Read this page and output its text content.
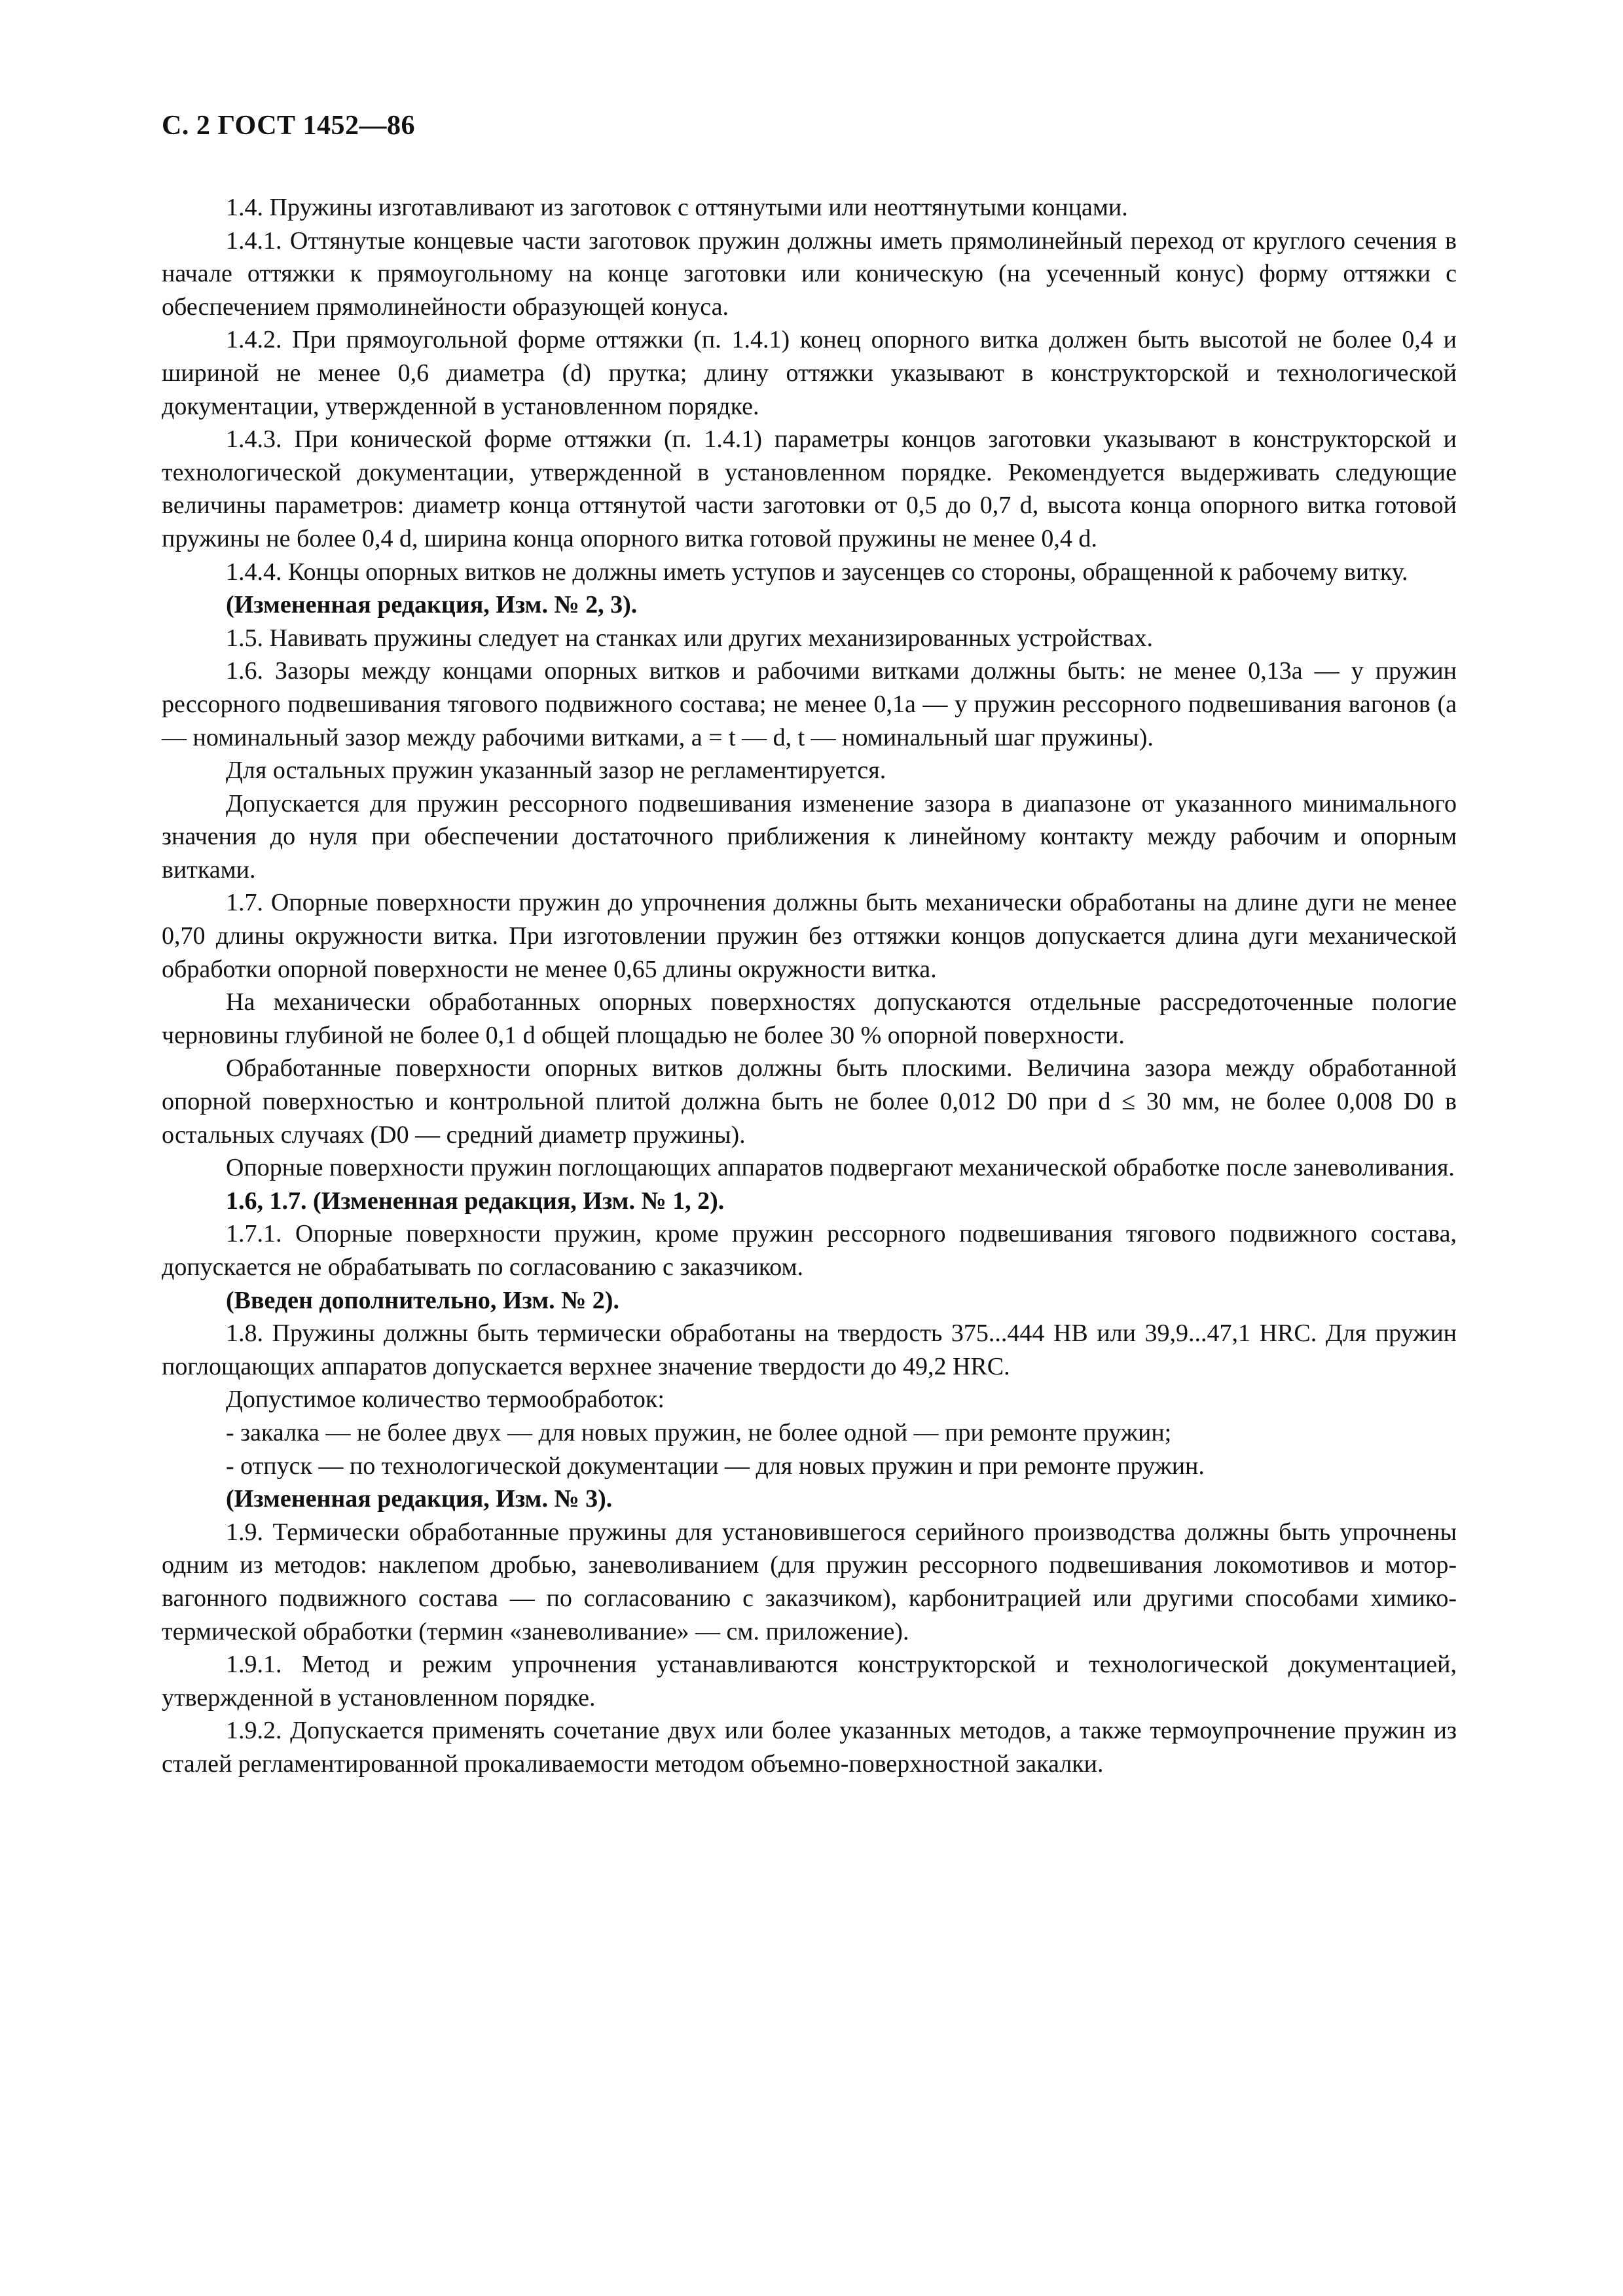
С. 2 ГОСТ 1452—86

1.4. Пружины изготавливают из заготовок с оттянутыми или неоттянутыми концами.

1.4.1. Оттянутые концевые части заготовок пружин должны иметь прямолинейный переход от круглого сечения в начале оттяжки к прямоугольному на конце заготовки или коническую (на усеченный конус) форму оттяжки с обеспечением прямолинейности образующей конуса.

1.4.2. При прямоугольной форме оттяжки (п. 1.4.1) конец опорного витка должен быть высотой не более 0,4 и шириной не менее 0,6 диаметра (d) прутка; длину оттяжки указывают в конструкторской и технологической документации, утвержденной в установленном порядке.

1.4.3. При конической форме оттяжки (п. 1.4.1) параметры концов заготовки указывают в конструкторской и технологической документации, утвержденной в установленном порядке. Рекомендуется выдерживать следующие величины параметров: диаметр конца оттянутой части заготовки от 0,5 до 0,7 d, высота конца опорного витка готовой пружины не более 0,4 d, ширина конца опорного витка готовой пружины не менее 0,4 d.

1.4.4. Концы опорных витков не должны иметь уступов и заусенцев со стороны, обращенной к рабочему витку.

(Измененная редакция, Изм. № 2, 3).

1.5. Навивать пружины следует на станках или других механизированных устройствах.

1.6. Зазоры между концами опорных витков и рабочими витками должны быть: не менее 0,13a — у пружин рессорного подвешивания тягового подвижного состава; не менее 0,1a — у пружин рессорного подвешивания вагонов (a — номинальный зазор между рабочими витками, a = t — d, t — номинальный шаг пружины).

Для остальных пружин указанный зазор не регламентируется.

Допускается для пружин рессорного подвешивания изменение зазора в диапазоне от указанного минимального значения до нуля при обеспечении достаточного приближения к линейному контакту между рабочим и опорным витками.

1.7. Опорные поверхности пружин до упрочнения должны быть механически обработаны на длине дуги не менее 0,70 длины окружности витка. При изготовлении пружин без оттяжки концов допускается длина дуги механической обработки опорной поверхности не менее 0,65 длины окружности витка.

На механически обработанных опорных поверхностях допускаются отдельные рассредоточенные пологие черновины глубиной не более 0,1 d общей площадью не более 30 % опорной поверхности.

Обработанные поверхности опорных витков должны быть плоскими. Величина зазора между обработанной опорной поверхностью и контрольной плитой должна быть не более 0,012 D0 при d ≤ 30 мм, не более 0,008 D0 в остальных случаях (D0 — средний диаметр пружины).

Опорные поверхности пружин поглощающих аппаратов подвергают механической обработке после заневоливания.

1.6, 1.7. (Измененная редакция, Изм. № 1, 2).

1.7.1. Опорные поверхности пружин, кроме пружин рессорного подвешивания тягового подвижного состава, допускается не обрабатывать по согласованию с заказчиком.

(Введен дополнительно, Изм. № 2).

1.8. Пружины должны быть термически обработаны на твердость 375...444 НВ или 39,9...47,1 HRC. Для пружин поглощающих аппаратов допускается верхнее значение твердости до 49,2 HRC.

Допустимое количество термообработок:

- закалка — не более двух — для новых пружин, не более одной — при ремонте пружин;

- отпуск — по технологической документации — для новых пружин и при ремонте пружин.

(Измененная редакция, Изм. № 3).

1.9. Термически обработанные пружины для установившегося серийного производства должны быть упрочнены одним из методов: наклепом дробью, заневоливанием (для пружин рессорного подвешивания локомотивов и мотор-вагонного подвижного состава — по согласованию с заказчиком), карбонитрацией или другими способами химико-термической обработки (термин «заневоливание» — см. приложение).

1.9.1. Метод и режим упрочнения устанавливаются конструкторской и технологической документацией, утвержденной в установленном порядке.

1.9.2. Допускается применять сочетание двух или более указанных методов, а также термоупрочнение пружин из сталей регламентированной прокаливаемости методом объемно-поверхностной закалки.
